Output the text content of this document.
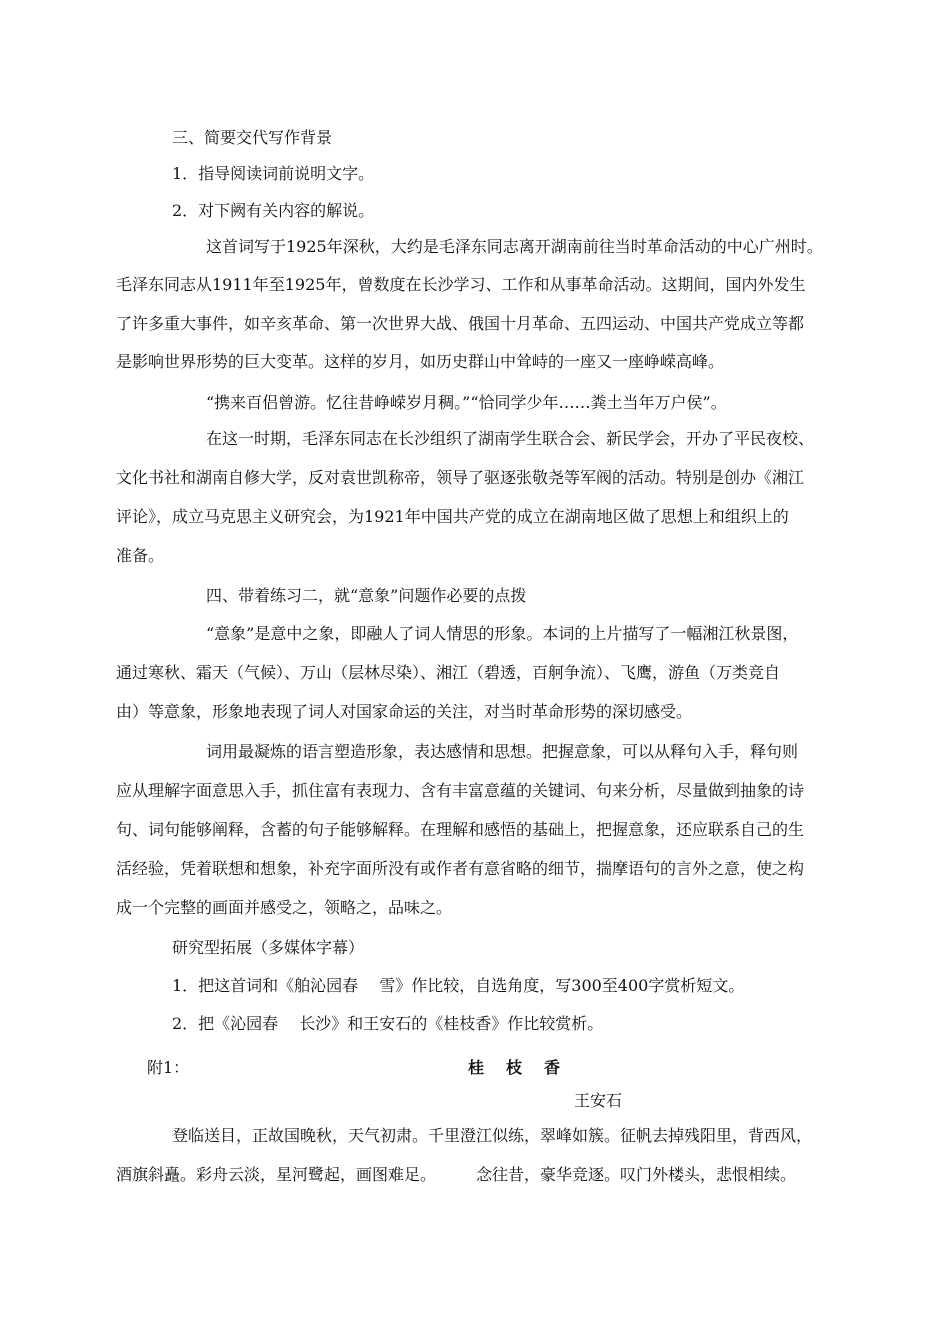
三、简要交代写作背景
1．指导阅读词前说明文字。
2．对下阙有关内容的解说。
这首词写于1925年深秋，大约是毛泽东同志离开湖南前往当时革命活动的中心广州时。
毛泽东同志从1911年至1925年，曾数度在长沙学习、工作和从事革命活动。这期间，国内外发生
了许多重大事件，如辛亥革命、第一次世界大战、俄国十月革命、五四运动、中国共产党成立等都
是影响世界形势的巨大变革。这样的岁月，如历史群山中耸峙的一座又一座峥嵘高峰。
“携来百侣曾游。忆往昔峥嵘岁月稠。”“恰同学少年……粪土当年万户侯”。
在这一时期，毛泽东同志在长沙组织了湖南学生联合会、新民学会，开办了平民夜校、
文化书社和湖南自修大学，反对袁世凯称帝，领导了驱逐张敬尧等军阀的活动。特别是创办《湘江
评论》，成立马克思主义研究会，为1921年中国共产党的成立在湖南地区做了思想上和组织上的
准备。
四、带着练习二，就“意象”问题作必要的点拨
“意象”是意中之象，即融人了词人情思的形象。本词的上片描写了一幅湘江秋景图，
通过寒秋、霜天（气候）、万山（层林尽染）、湘江（碧透，百舸争流）、飞鹰，游鱼（万类竞自
由）等意象，形象地表现了词人对国家命运的关注，对当时革命形势的深切感受。
词用最凝炼的语言塑造形象，表达感情和思想。把握意象，可以从释句入手，释句则
应从理解字面意思入手，抓住富有表现力、含有丰富意蕴的关键词、句来分析，尽量做到抽象的诗
句、词句能够阐释，含蓄的句子能够解释。在理解和感悟的基础上，把握意象，还应联系自己的生
活经验，凭着联想和想象，补充字面所没有或作者有意省略的细节，揣摩语句的言外之意，使之构
成一个完整的画面并感受之，领略之，品味之。
研究型拓展（多媒体字幕）
1．把这首词和《舶沁园春　 雪》作比较，自选角度，写300至400字赏析短文。
2．把《沁园春　 长沙》和王安石的《桂枝香》作比较赏析。
附1：	桂枝香
王安石
登临送目，正故国晚秋，天气初肃。千里澄江似练，翠峰如簇。征帆去掉残阳里，背西风，
酒旗斜矗。彩舟云淡，星河鹭起，画图难足。　　　念往昔，豪华竞逐。叹门外楼头，悲恨相续。
